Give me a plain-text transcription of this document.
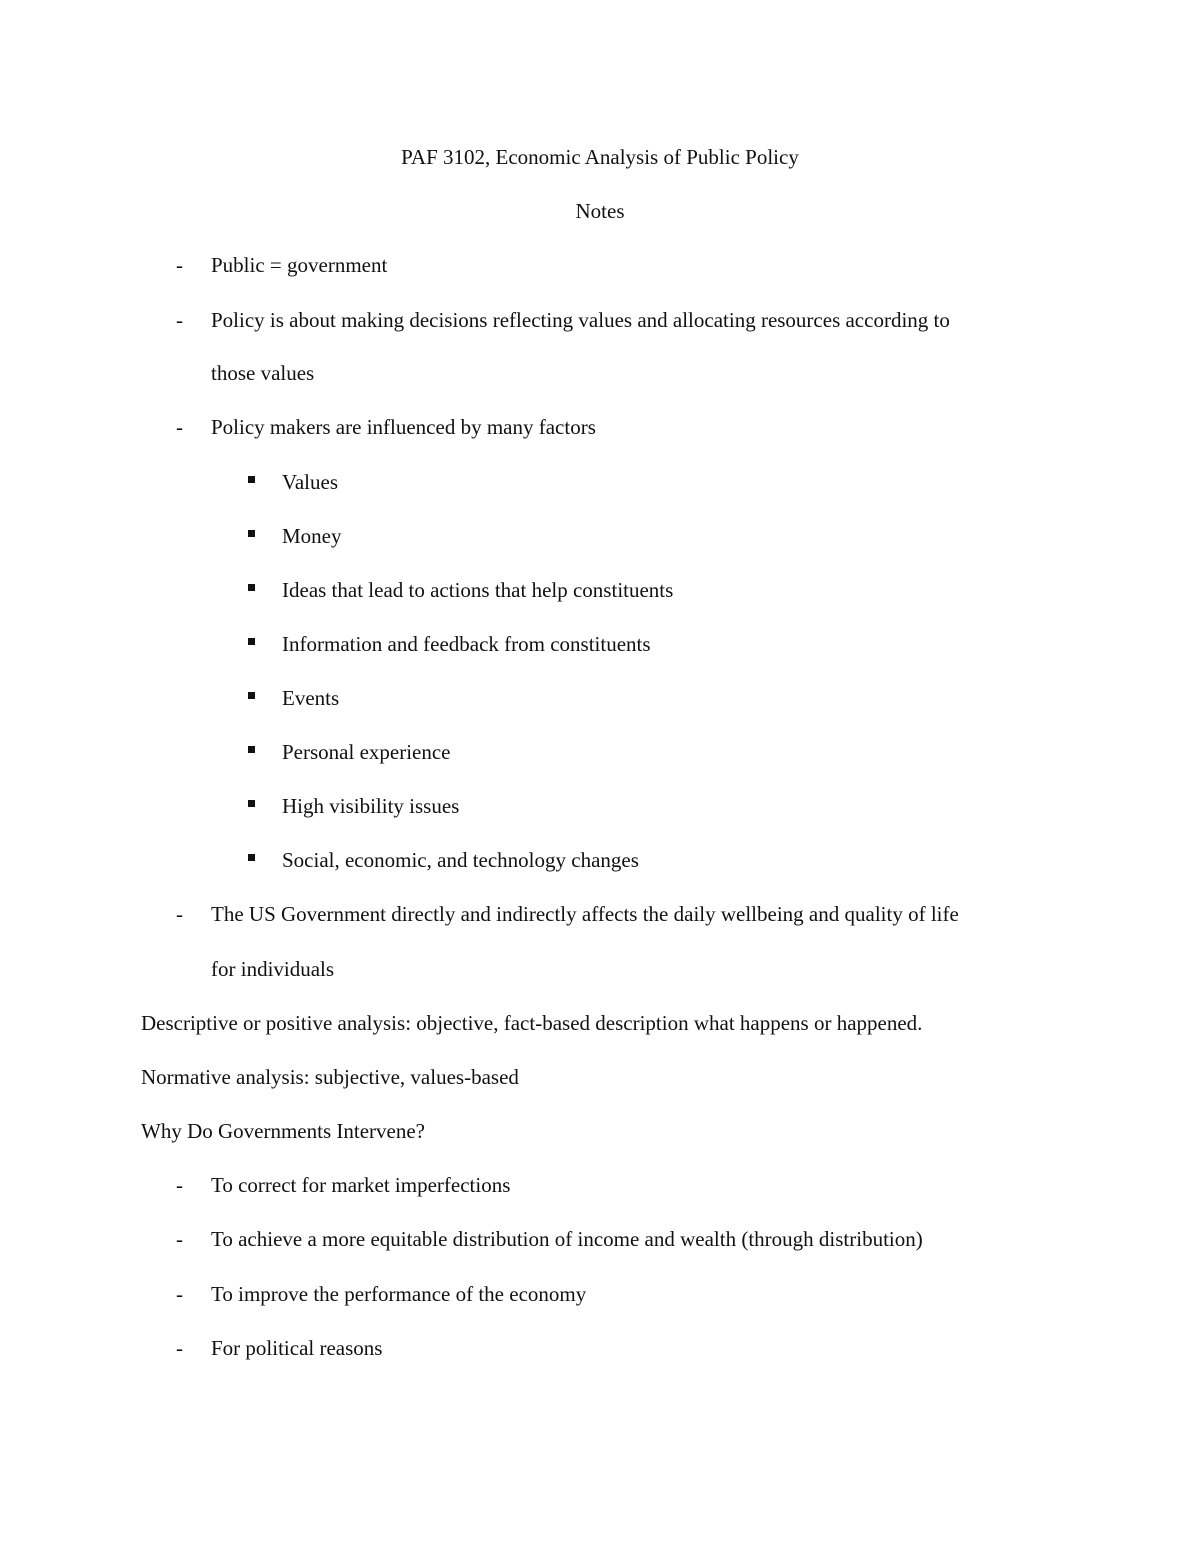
PAF 3102, Economic Analysis of Public Policy
Notes
- Public = government
- Policy is about making decisions reflecting values and allocating resources according to
those values
- Policy makers are influenced by many factors
Values
Money
Ideas that lead to actions that help constituents
Information and feedback from constituents
Events
Personal experience
High visibility issues
Social, economic, and technology changes
- The US Government directly and indirectly affects the daily wellbeing and quality of life
for individuals
Descriptive or positive analysis: objective, fact-based description what happens or happened.
Normative analysis: subjective, values-based
Why Do Governments Intervene?
- To correct for market imperfections
- To achieve a more equitable distribution of income and wealth (through distribution)
- To improve the performance of the economy
- For political reasons
